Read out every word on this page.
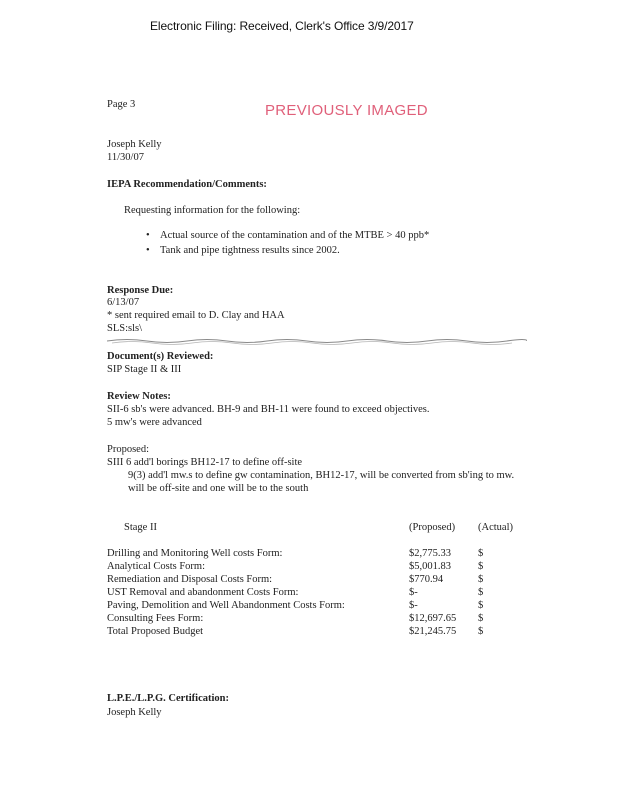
Electronic Filing: Received, Clerk's Office 3/9/2017
Page 3	PREVIOUSLY IMAGED
Joseph Kelly
11/30/07
IEPA Recommendation/Comments:
Requesting information for the following:
• Actual source of the contamination and of the MTBE > 40 ppb*
• Tank and pipe tightness results since 2002.
Response Due:
6/13/07
* sent required email to D. Clay and HAA
SLS:sls\
Document(s) Reviewed:
SIP Stage II & III
Review Notes:
SII-6 sb's were advanced. BH-9 and BH-11 were found to exceed objectives.
5 mw's were advanced
Proposed:
SIII 6 add'l borings BH12-17 to define off-site
9(3) add'l mw.s to define gw contamination, BH12-17, will be converted from sb'ing to mw.
will be off-site and one will be to the south
Stage II	(Proposed) (Actual)
Drilling and Monitoring Well costs Form:	$2,775.33	$
Analytical Costs Form:	$5,001.83	$
Remediation and Disposal Costs Form:	$770.94	$
UST Removal and abandonment Costs Form:	$-	$
Paving, Demolition and Well Abandonment Costs Form:	$-	$
Consulting Fees Form:	$12,697.65 $
Total Proposed Budget	$21,245.75 $
L.P.E./L.P.G. Certification:
Joseph Kelly
